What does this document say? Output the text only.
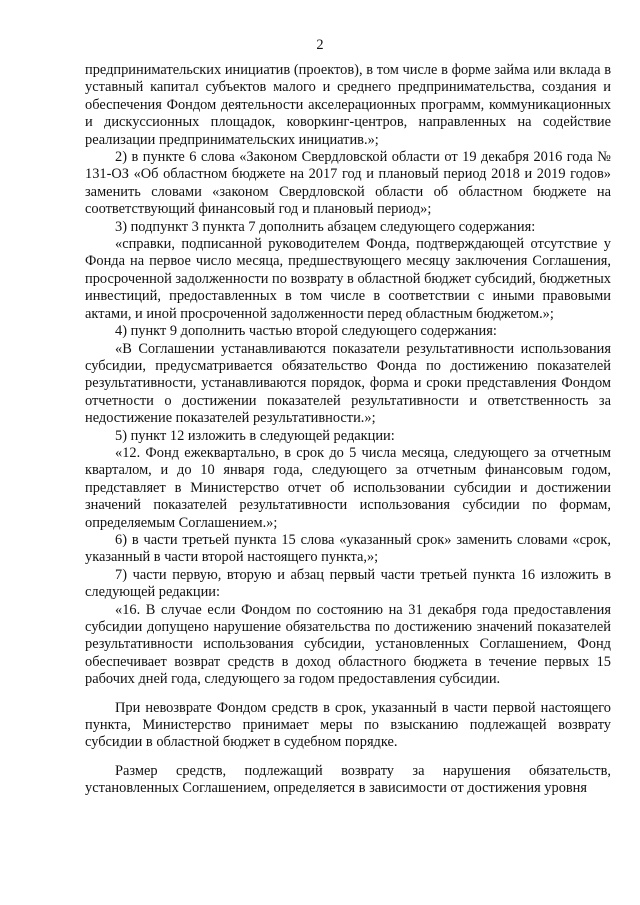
2

предпринимательских инициатив (проектов), в том числе в форме займа или вклада в уставный капитал субъектов малого и среднего предпринимательства, создания и обеспечения Фондом деятельности акселерационных программ, коммуникационных и дискуссионных площадок, коворкинг-центров, направленных на содействие реализации предпринимательских инициатив.»;

2) в пункте 6 слова «Законом Свердловской области от 19 декабря 2016 года № 131-ОЗ «Об областном бюджете на 2017 год и плановый период 2018 и 2019 годов» заменить словами «законом Свердловской области об областном бюджете на соответствующий финансовый год и плановый период»;

3) подпункт 3 пункта 7 дополнить абзацем следующего содержания:

«справки, подписанной руководителем Фонда, подтверждающей отсутствие у Фонда на первое число месяца, предшествующего месяцу заключения Соглашения, просроченной задолженности по возврату в областной бюджет субсидий, бюджетных инвестиций, предоставленных в том числе в соответствии с иными правовыми актами, и иной просроченной задолженности перед областным бюджетом.»;

4) пункт 9 дополнить частью второй следующего содержания:

«В Соглашении устанавливаются показатели результативности использования субсидии, предусматривается обязательство Фонда по достижению показателей результативности, устанавливаются порядок, форма и сроки представления Фондом отчетности о достижении показателей результативности и ответственность за недостижение показателей результативности.»;

5) пункт 12 изложить в следующей редакции:

«12. Фонд ежеквартально, в срок до 5 числа месяца, следующего за отчетным кварталом, и до 10 января года, следующего за отчетным финансовым годом, представляет в Министерство отчет об использовании субсидии и достижении значений показателей результативности использования субсидии по формам, определяемым Соглашением.»;

6) в части третьей пункта 15 слова «указанный срок» заменить словами «срок, указанный в части второй настоящего пункта,»;

7) части первую, вторую и абзац первый части третьей пункта 16 изложить в следующей редакции:

«16. В случае если Фондом по состоянию на 31 декабря года предоставления субсидии допущено нарушение обязательства по достижению значений показателей результативности использования субсидии, установленных Соглашением, Фонд обеспечивает возврат средств в доход областного бюджета в течение первых 15 рабочих дней года, следующего за годом предоставления субсидии.

При невозврате Фондом средств в срок, указанный в части первой настоящего пункта, Министерство принимает меры по взысканию подлежащей возврату субсидии в областной бюджет в судебном порядке.

Размер средств, подлежащий возврату за нарушения обязательств, установленных Соглашением, определяется в зависимости от достижения уровня
